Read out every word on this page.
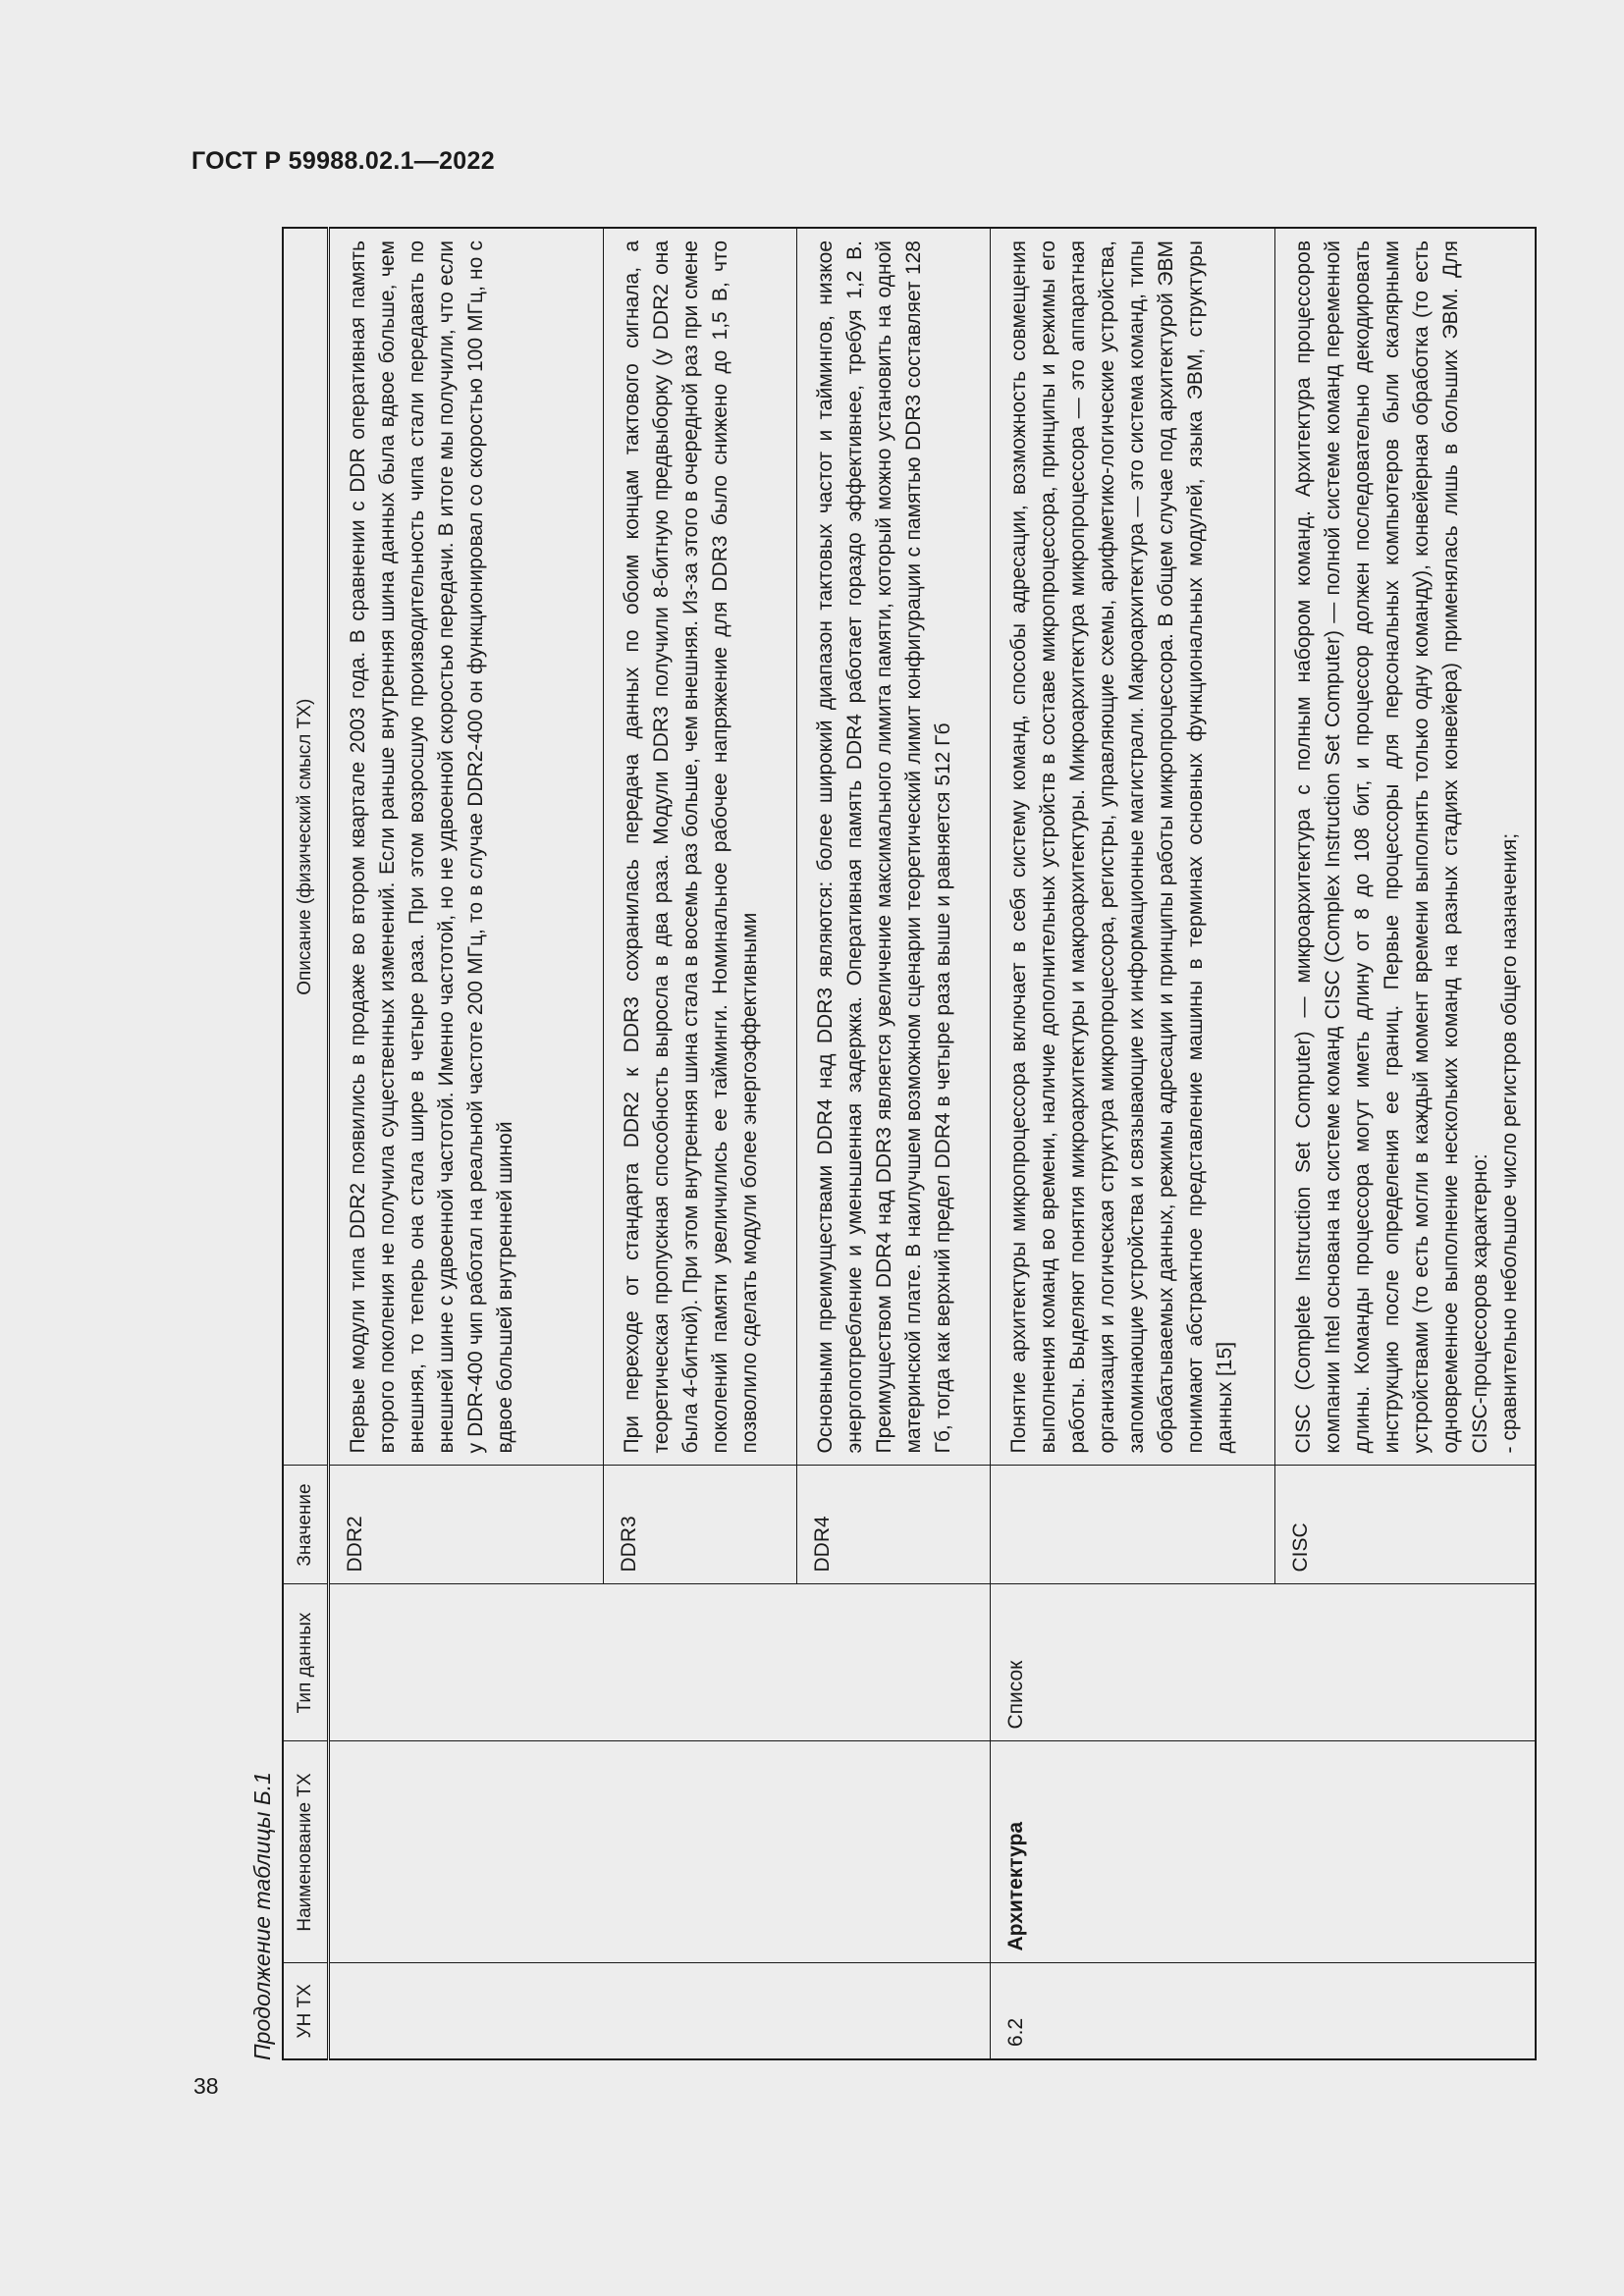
ГОСТ Р 59988.02.1—2022
Продолжение таблицы Б.1	УН ТХ	Наименование ТХ	Тип данных	Значение	Описание (физический смысл ТХ)
			DDR2	Первые модули типа DDR2 появились в продаже во втором квартале 2003 года. В сравнении с DDR оперативная память второго поколения не получила существенных изменений. Если раньше внутренняя шина данных была вдвое больше, чем внешняя, то теперь она стала шире в четыре раза. При этом возросшую производительность чипа стали передавать по внешней шине с удвоенной частотой. Именно частотой, но не удвоенной скоростью передачи. В итоге мы получили, что если у DDR-400 чип работал на реальной частоте 200 МГц, то в случае DDR2-400 он функционировал со скоростью 100 МГц, но с вдвое большей внутренней шиной
			DDR3	При переходе от стандарта DDR2 к DDR3 сохранилась передача данных по обоим концам тактового сигнала, а теоретическая пропускная способность выросла в два раза. Модули DDR3 получили 8-битную предвыборку (у DDR2 она была 4-битной). При этом внутренняя шина стала в восемь раз больше, чем внешняя. Из-за этого в очередной раз при смене поколений памяти увеличились ее тайминги. Номинальное рабочее напряжение для DDR3 было снижено до 1,5 В, что позволило сделать модули более энергоэффективными
			DDR4	Основными преимуществами DDR4 над DDR3 являются: более широкий диапазон тактовых частот и таймингов, низкое энергопотребление и уменьшенная задержка. Оперативная память DDR4 работает гораздо эффективнее, требуя 1,2 В. Преимуществом DDR4 над DDR3 является увеличение максимального лимита памяти, который можно установить на одной материнской плате. В наилучшем возможном сценарии теоретический лимит конфигурации с памятью DDR3 составляет 128 Гб, тогда как верхний предел DDR4 в четыре раза выше и равняется 512 Гб
6.2	Архитектура	Список		Понятие архитектуры микропроцессора включает в себя систему команд, способы адресации, возможность совмещения выполнения команд во времени, наличие дополнительных устройств в составе микропроцессора, принципы и режимы его работы. Выделяют понятия микроархитектуры и макроархитектуры. Микроархитектура микропроцессора — это аппаратная организация и логическая структура микропроцессора, регистры, управляющие схемы, арифметико-логические устройства, запоминающие устройства и связывающие их информационные магистрали. Макроархитектура — это система команд, типы обрабатываемых данных, режимы адресации и принципы работы микропроцессора. В общем случае под архитектурой ЭВМ понимают абстрактное представление машины в терминах основных функциональных модулей, языка ЭВМ, структуры данных [15]
			CISC	CISC (Complete Instruction Set Computer) — микроархитектура с полным набором команд. Архитектура процессоров компании Intel основана на системе команд CISC (Complex Instruction Set Computer) — полной системе команд переменной длины. Команды процессора могут иметь длину от 8 до 108 бит, и процессор должен последовательно декодировать инструкцию после определения ее границ. Первые процессоры для персональных компьютеров были скалярными устройствами (то есть могли в каждый момент времени выполнять только одну команду), конвейерная обработка (то есть одновременное выполнение нескольких команд на разных стадиях конвейера) применялась лишь в больших ЭВМ. Для CISC-процессоров характерно: - сравнительно небольшое число регистров общего назначения;
38
